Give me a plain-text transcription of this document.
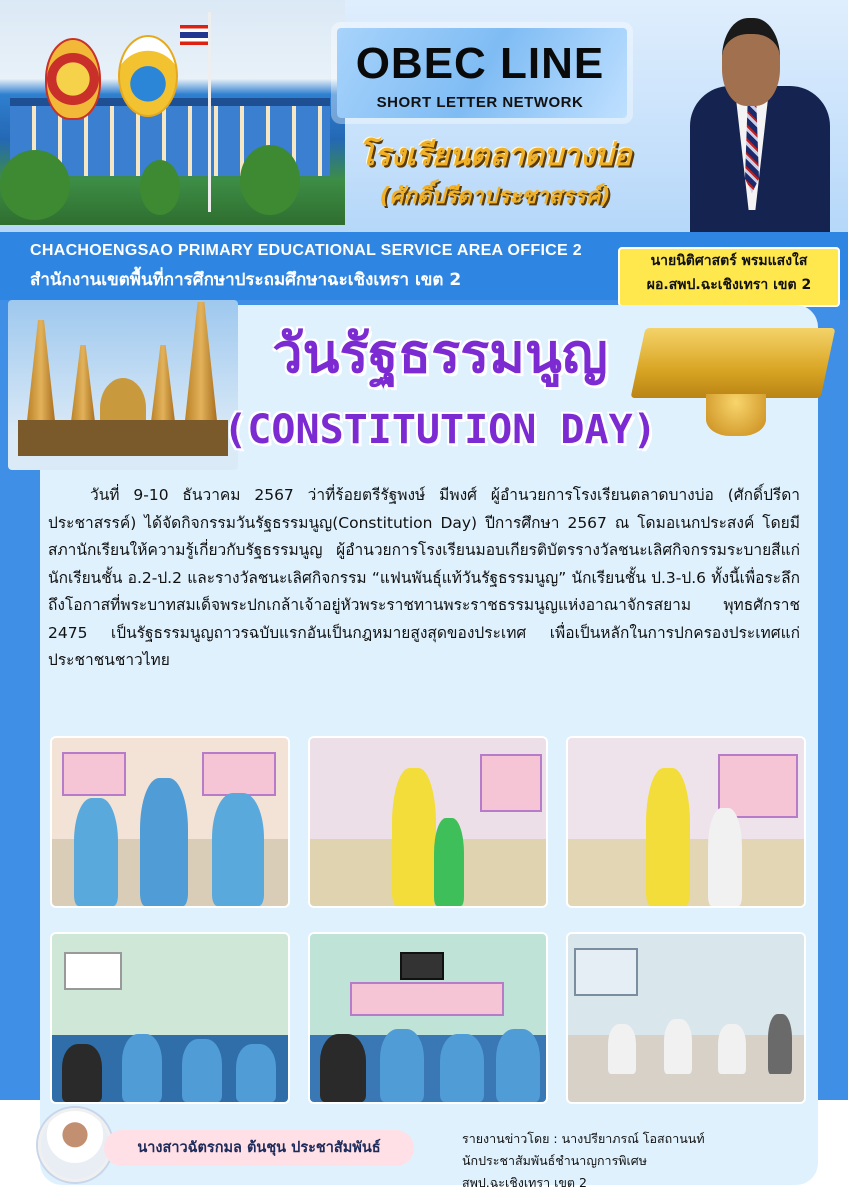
OBEC LINE
SHORT LETTER NETWORK
โรงเรียนตลาดบางบ่อ
(ศักดิ์ปรีดาประชาสรรค์)
CHACHOENGSAO PRIMARY EDUCATIONAL SERVICE AREA OFFICE 2
สำนักงานเขตพื้นที่การศึกษาประถมศึกษาฉะเชิงเทรา เขต 2
นายนิติศาสตร์ พรมแสงใส
ผอ.สพป.ฉะเชิงเทรา เขต 2
วันรัฐธรรมนูญ
(CONSTITUTION DAY)
วันที่ 9-10 ธันวาคม 2567 ว่าที่ร้อยตรีรัฐพงษ์ มีพงศ์ ผู้อำนวยการโรงเรียนตลาดบางบ่อ (ศักดิ์ปรีดาประชาสรรค์) ได้จัดกิจกรรมวันรัฐธรรมนูญ(Constitution Day) ปีการศึกษา 2567 ณ โดมอเนกประสงค์ โดยมีสภานักเรียนให้ความรู้เกี่ยวกับรัฐธรรมนูญ ผู้อำนวยการโรงเรียนมอบเกียรติบัตรรางวัลชนะเลิศกิจกรรมระบายสีแก่นักเรียนชั้น อ.2-ป.2 และรางวัลชนะเลิศกิจกรรม “แฟนพันธุ์แท้วันรัฐธรรมนูญ” นักเรียนชั้น ป.3-ป.6 ทั้งนี้เพื่อระลึกถึงโอกาสที่พระบาทสมเด็จพระปกเกล้าเจ้าอยู่หัวพระราชทานพระราชธรรมนูญแห่งอาณาจักรสยาม พุทธศักราช 2475 เป็นรัฐธรรมนูญถาวรฉบับแรกอันเป็นกฎหมายสูงสุดของประเทศ เพื่อเป็นหลักในการปกครองประเทศแก่ประชาชนชาวไทย
นางสาวฉัตรกมล ต้นชุน ประชาสัมพันธ์
รายงานข่าวโดย : นางปรียาภรณ์ โอสถานนท์
นักประชาสัมพันธ์ชำนาญการพิเศษ
สพป.ฉะเชิงเทรา เขต 2
